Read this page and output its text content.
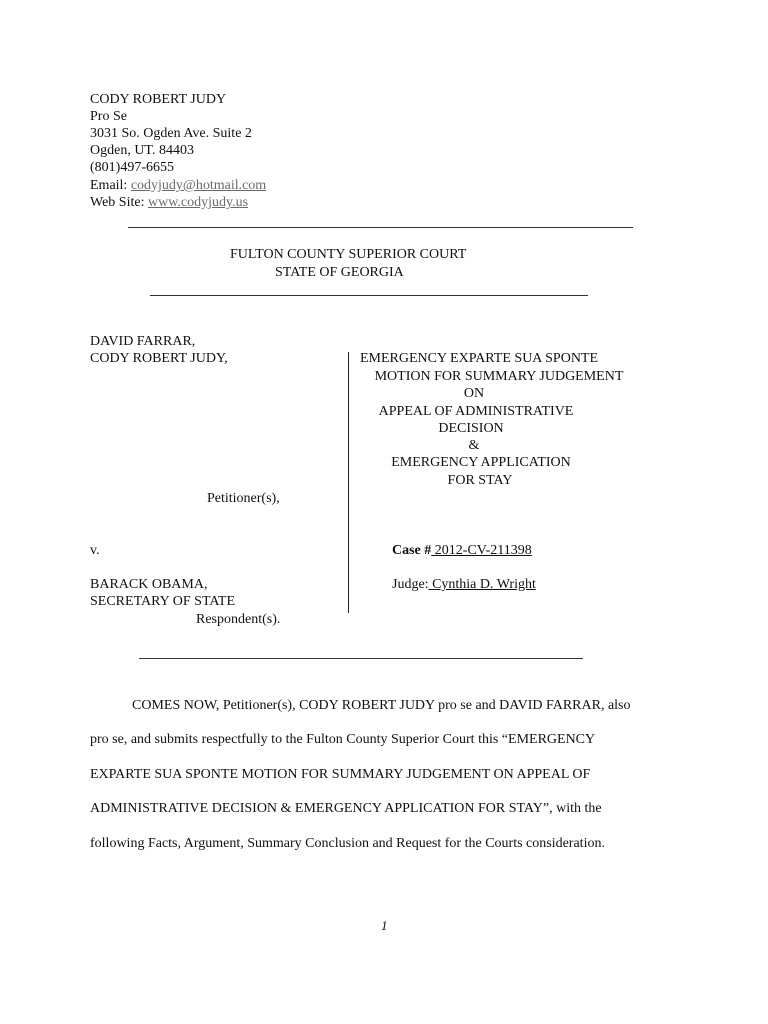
CODY ROBERT JUDY
Pro Se
3031 So. Ogden Ave. Suite 2
Ogden, UT. 84403
(801)497-6655
Email: codyjudy@hotmail.com
Web Site: www.codyjudy.us
FULTON COUNTY SUPERIOR COURT
STATE OF GEORGIA
DAVID FARRAR,
CODY ROBERT JUDY,
Petitioner(s),
v.
BARACK OBAMA,
SECRETARY OF STATE
Respondent(s).
EMERGENCY EXPARTE SUA SPONTE
MOTION FOR SUMMARY JUDGEMENT
ON
APPEAL OF ADMINISTRATIVE
DECISION
&
EMERGENCY APPLICATION
FOR STAY
Case # 2012-CV-211398
Judge: Cynthia D. Wright
COMES NOW, Petitioner(s), CODY ROBERT JUDY pro se and DAVID FARRAR, also
pro se, and submits respectfully to the Fulton County Superior Court this “EMERGENCY
EXPARTE SUA SPONTE MOTION FOR SUMMARY JUDGEMENT ON APPEAL OF
ADMINISTRATIVE DECISION & EMERGENCY APPLICATION FOR STAY”, with the
following Facts, Argument, Summary Conclusion and Request for the Courts consideration.
1
